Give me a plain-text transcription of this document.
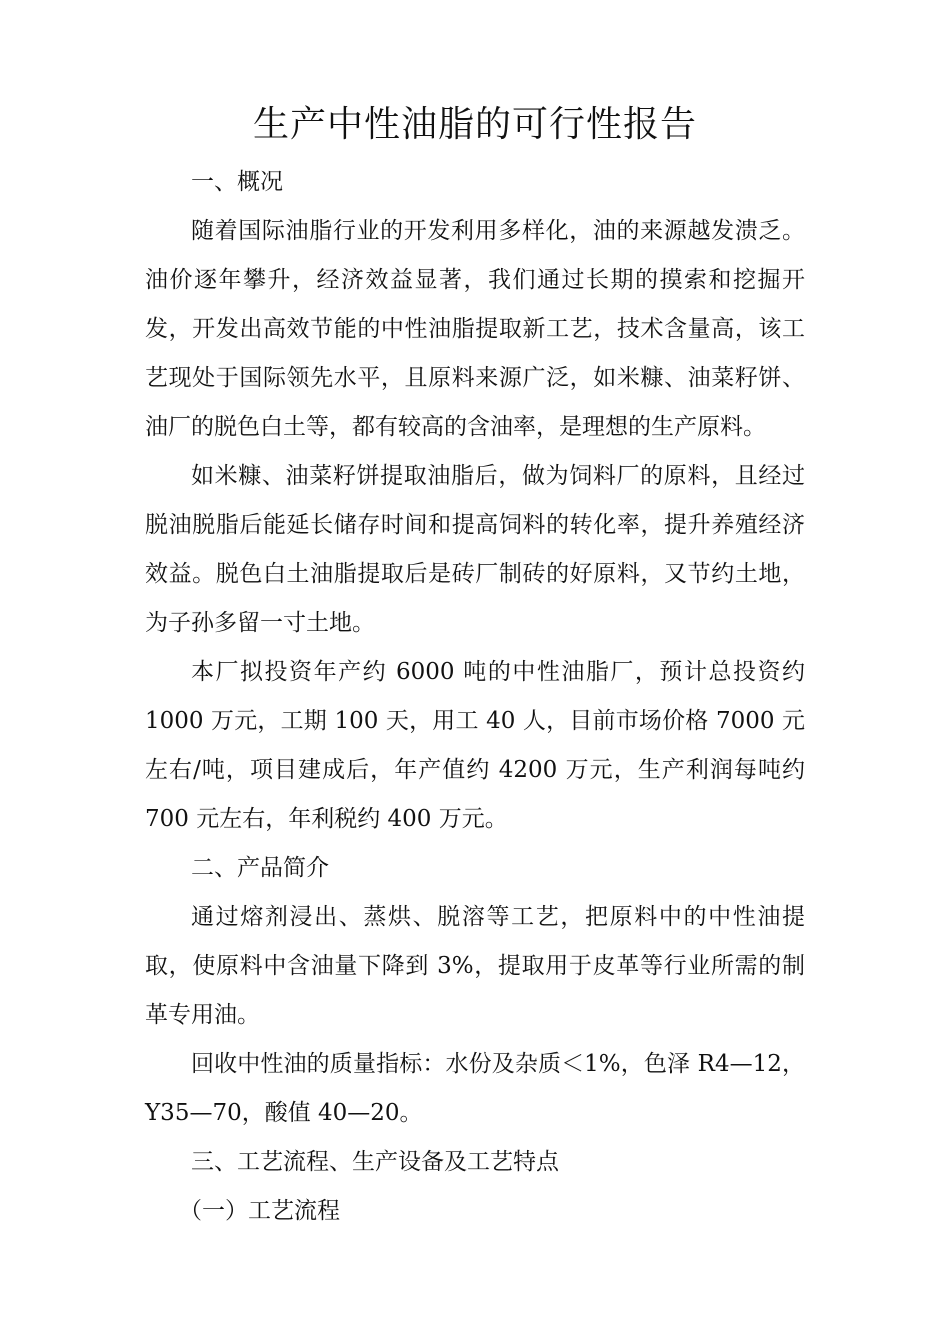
生产中性油脂的可行性报告

一、概况

随着国际油脂行业的开发利用多样化，油的来源越发溃乏。油价逐年攀升，经济效益显著，我们通过长期的摸索和挖掘开发，开发出高效节能的中性油脂提取新工艺，技术含量高，该工艺现处于国际领先水平，且原料来源广泛，如米糠、油菜籽饼、油厂的脱色白土等，都有较高的含油率，是理想的生产原料。

如米糠、油菜籽饼提取油脂后，做为饲料厂的原料，且经过脱油脱脂后能延长储存时间和提高饲料的转化率，提升养殖经济效益。脱色白土油脂提取后是砖厂制砖的好原料，又节约土地，为子孙多留一寸土地。

本厂拟投资年产约 6000 吨的中性油脂厂，预计总投资约 1000 万元，工期 100 天，用工 40 人，目前市场价格 7000 元左右/吨，项目建成后，年产值约 4200 万元，生产利润每吨约 700 元左右，年利税约 400 万元。

二、产品简介

通过熔剂浸出、蒸烘、脱溶等工艺，把原料中的中性油提取，使原料中含油量下降到 3%，提取用于皮革等行业所需的制革专用油。

回收中性油的质量指标：水份及杂质＜1%，色泽 R4—12，Y35—70，酸值 40—20。

三、工艺流程、生产设备及工艺特点

（一）工艺流程
